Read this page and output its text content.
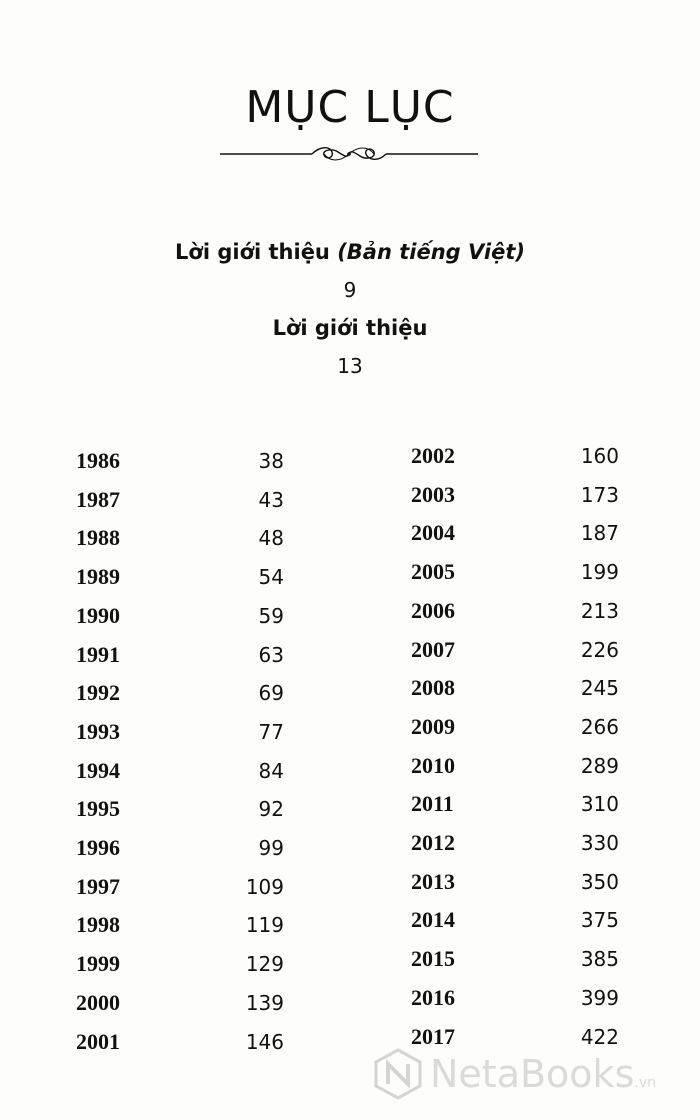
MỤC LỤC
Lời giới thiệu (Bản tiếng Việt)
9
Lời giới thiệu
13
1986	38
1987	43
1988	48
1989	54
1990	59
1991	63
1992	69
1993	77
1994	84
1995	92
1996	99
1997	109
1998	119
1999	129
2000	139
2001	146
2002	160
2003	173
2004	187
2005	199
2006	213
2007	226
2008	245
2009	266
2010	289
2011	310
2012	330
2013	350
2014	375
2015	385
2016	399
2017	422
NetaBooks.vn
